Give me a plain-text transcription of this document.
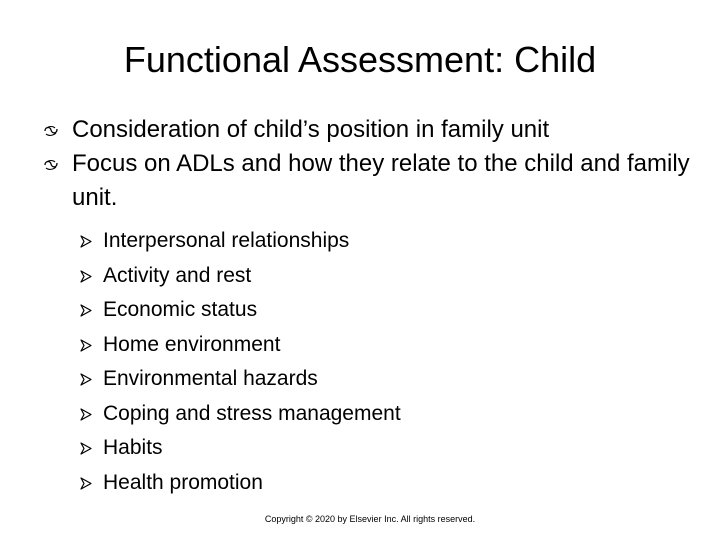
Functional Assessment: Child
Consideration of child’s position in family unit
Focus on ADLs and how they relate to the child and family unit.
Interpersonal relationships
Activity and rest
Economic status
Home environment
Environmental hazards
Coping and stress management
Habits
Health promotion
Copyright © 2020 by Elsevier Inc. All rights reserved.
